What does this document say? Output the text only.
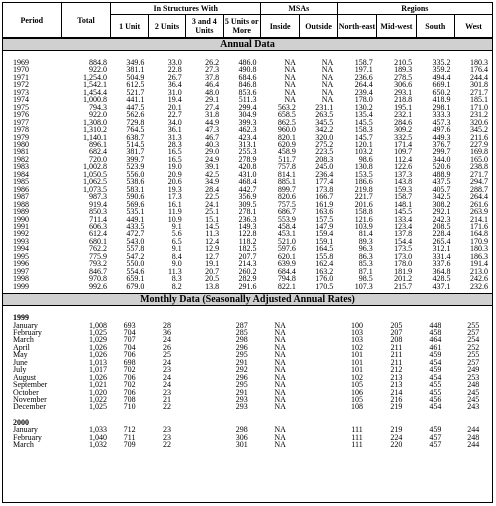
Period	Total	In Structures With				MSAs		Regions			
		1 Unit	2 Units	3 and 4 Units	5 Units or More	Inside	Outside	North-east	Mid-west	South	West
Annual Data

1969	884.8	349.6	33.0	26.2	486.0	NA	NA	158.7	210.5	335.2	180.3
1970	922.0	381.1	22.8	27.3	490.8	NA	NA	197.1	189.3	359.2	176.4
1971	1,254.0	504.9	26.7	37.8	684.6	NA	NA	236.6	278.5	494.4	244.4
1972	1,542.1	612.5	36.4	46.4	846.8	NA	NA	264.4	306.6	669.1	301.8
1973	1,454.4	521.7	31.0	48.0	853.6	NA	NA	239.4	293.1	650.2	271.7
1974	1,000.8	441.1	19.4	29.1	511.3	NA	NA	178.0	218.8	418.9	185.1
1975	794.3	447.5	20.1	27.4	299.4	563.2	231.1	130.2	195.1	298.1	171.0
1976	922.0	562.6	22.7	31.8	304.9	658.5	263.5	135.4	232.1	333.3	231.2
1977	1,308.0	729.8	34.0	44.9	399.3	862.5	345.5	145.5	284.6	457.3	320.6
1978	1,310.2	764.5	36.1	47.3	462.3	960.0	342.2	158.3	309.2	497.6	345.2
1979	1,140.1	638.7	31.3	46.7	423.4	820.1	320.0	145.7	332.5	449.3	211.6
1980	896.1	514.5	28.3	40.3	313.1	620.9	275.2	120.1	171.4	376.7	227.9
1981	682.4	381.7	16.5	29.0	255.3	458.9	223.5	103.2	109.7	299.7	169.8
1982	720.0	399.7	16.5	24.9	278.9	511.7	208.3	98.6	112.4	344.0	165.0
1983	1,002.8	523.9	19.0	39.1	420.8	757.8	245.0	130.8	122.6	520.6	238.8
1984	1,050.5	556.0	20.9	42.5	431.0	814.1	236.4	153.5	137.3	488.9	271.7
1985	1,062.5	538.6	20.6	34.9	468.4	885.1	177.4	186.6	143.8	437.5	294.7
1986	1,073.5	583.1	19.3	28.4	442.7	899.7	173.8	219.8	159.3	405.7	288.7
1987	987.3	590.6	17.3	22.5	356.9	820.6	166.7	221.7	158.7	342.5	264.4
1988	919.4	569.6	16.1	24.1	309.5	757.5	161.9	201.6	148.1	308.2	261.6
1989	850.3	535.1	11.9	25.1	278.1	686.7	163.6	158.8	145.5	292.1	263.9
1990	711.4	449.1	10.9	15.1	236.3	553.9	157.5	121.6	133.4	242.3	214.1
1991	606.3	433.5	9.1	14.5	149.3	458.4	147.9	103.9	123.4	208.5	171.6
1992	612.4	472.7	5.6	11.3	122.8	453.1	159.4	81.4	137.8	228.4	164.8
1993	680.1	543.0	6.5	12.4	118.2	521.0	159.1	89.3	154.4	265.4	170.9
1994	762.2	557.8	9.1	12.9	182.5	597.6	164.5	96.3	173.5	312.1	180.3
1995	775.9	547.2	8.4	12.7	207.7	620.1	155.8	86.3	173.0	331.4	186.3
1996	793.2	550.0	9.0	19.1	214.3	639.9	162.4	85.3	178.0	337.6	191.4
1997	846.7	554.6	11.3	20.7	260.2	684.4	163.2	87.1	181.9	364.8	213.0
1998	970.8	659.1	8.3	20.5	282.9	794.8	176.0	98.5	201.2	428.5	242.6
1999	992.6	679.0	8.2	13.8	291.6	822.1	170.5	107.3	215.7	437.1	232.6
Monthly Data (Seasonally Adjusted Annual Rates)

1999											
January	1,008	693	28		287	NA		100	205	448	255
February	1,025	704	36		285	NA		103	207	458	257
March	1,029	707	24		298	NA		103	208	464	254
April	1,026	704	26		296	NA		102	211	461	252
May	1,026	706	25		295	NA		101	211	459	255
June	1,013	698	24		291	NA		101	211	454	257
July	1,017	702	23		292	NA		101	212	459	249
August	1,026	706	24		296	NA		102	213	454	253
September	1,021	702	24		295	NA		105	213	455	248
October	1,020	706	23		291	NA		106	214	455	245
November	1,022	708	21		293	NA		105	216	456	245
December	1,025	710	22		293	NA		108	219	454	243

2000											
January	1,033	712	23		298	NA		111	219	459	244
February	1,040	711	23		306	NA		111	224	457	248
March	1,032	709	22		301	NA		111	220	457	244
